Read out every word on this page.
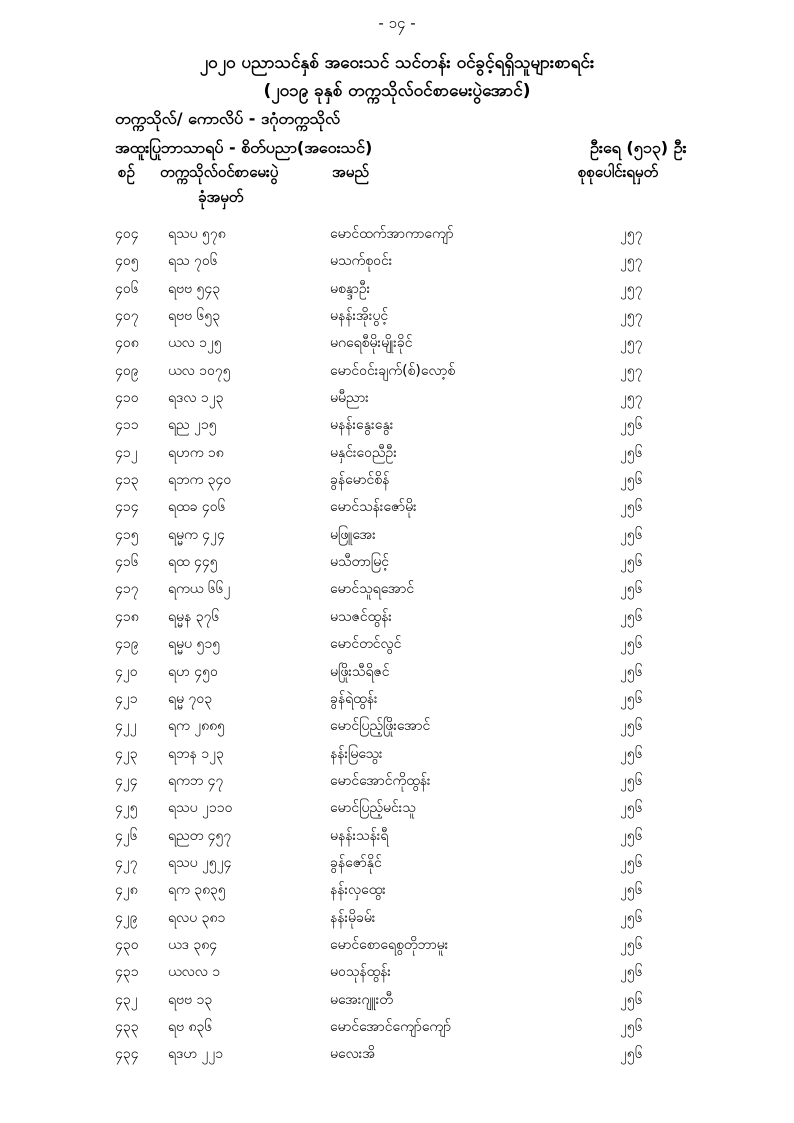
- ၁၄ -
၂၀၂၀ ပညာသင်နှစ် အဝေးသင် သင်တန်း ဝင်ခွင့်ရရှိသူများစာရင်း
(၂၀၁၉ ခုနှစ် တက္ကသိုလ်ဝင်စာမေးပွဲအောင်)
တက္ကသိုလ်/ ကောလိပ် - ဒဂုံတက္ကသိုလ်
အထူးပြုဘာသာရပ် - စိတ်ပညာ(အဝေးသင်)	ဦးရေ (၅၁၃) ဦး
စဉ် တက္ကသိုလ်ဝင်စာမေးပွဲ
ခုံအမှတ်
အမည်	စုစုပေါင်းရမှတ်
၄၀၄ ရသပ ၅၇၈	မောင်ထက်အာကာကျော်	၂၅၇
၄၀၅ ရသ ၇၀၆	မသက်စုဝင်း	၂၅၇
၄၀၆ ရဗဗ ၅၄၃	မစန္ဒာဦး	၂၅၇
၄၀၇ ရဗဗ ၆၅၃	မနန်းအိုးပွင့်	၂၅၇
၄၀၈ ယလ ၁၂၅	မဂရေစီမိုးမျိုးခိုင်	၂၅၇
၄၀၉ ယလ ၁၀၇၅	မောင်ဝင်းချက်(စ်)လော့စ်	၂၅၇
၄၁၀ ရဒလ ၁၂၃	မမီညား	၂၅၇
၄၁၁ ရည ၂၁၅	မနန်းနွေးနွေး	၂၅၆
၄၁၂ ရဟက ၁၈	မနှင်းဝေညီဦး	၂၅၆
၄၁၃ ရဘက ၃၄၀	ခွန်မောင်စိန်	၂၅၆
၄၁၄ ရထခ ၄၀၆	မောင်သန်းဇော်မိုး	၂၅၆
၄၁၅ ရမ္မက ၄၂၄	မဖြူအေး	၂၅၆
၄၁၆ ရထ ၄၄၅	မသီတာမြင့်	၂၅၆
၄၁၇ ရကယ ၆၆၂	မောင်သူရအောင်	၂၅၆
၄၁၈ ရမ္မန ၃၇၆	မသဇင်ထွန်း	၂၅၆
၄၁၉ ရမ္မပ ၅၁၅	မောင်တင်လွင်	၂၅၆
၄၂၀ ရဟ ၄၅၀	မဖြိုးသီရိဇင်	၂၅၆
၄၂၁ ရမ္မ ၇၀၃	ခွန်ရဲထွန်း	၂၅၆
၄၂၂ ရက ၂၈၈၅	မောင်ပြည့်ဖြိုးအောင်	၂၅၆
၄၂၃ ရဘန ၁၂၃	နန်းမြသွေး	၂၅၆
၄၂၄ ရကဘ ၄၇	မောင်အောင်ကိုထွန်း	၂၅၆
၄၂၅ ရသပ ၂၁၁၀	မောင်ပြည့်မင်းသူ	၂၅၆
၄၂၆ ရညတ ၄၅၇	မနန်းသန်းရီ	၂၅၆
၄၂၇ ရသပ ၂၅၂၄	ခွန်ဇော်နိုင်	၂၅၆
၄၂၈ ရက ၃၈၃၅	နန်းလှထွေး	၂၅၆
၄၂၉ ရလပ ၃၈၁	နန်းမိုခမ်း	၂၅၆
၄၃၀ ယဒ ၃၈၄	မောင်စောရေစွတိုဘာမူး	၂၅၆
၄၃၁ ယလလ ၁	မဝသုန်ထွန်း	၂၅၆
၄၃၂ ရဗဗ ၁၃	မအေးဂျူးတီ	၂၅၆
၄၃၃ ရဗ ၈၃၆	မောင်အောင်ကျော်ကျော်	၂၅၆
၄၃၄ ရဒဟ ၂၂၁	မလေးအိ	၂၅၆
